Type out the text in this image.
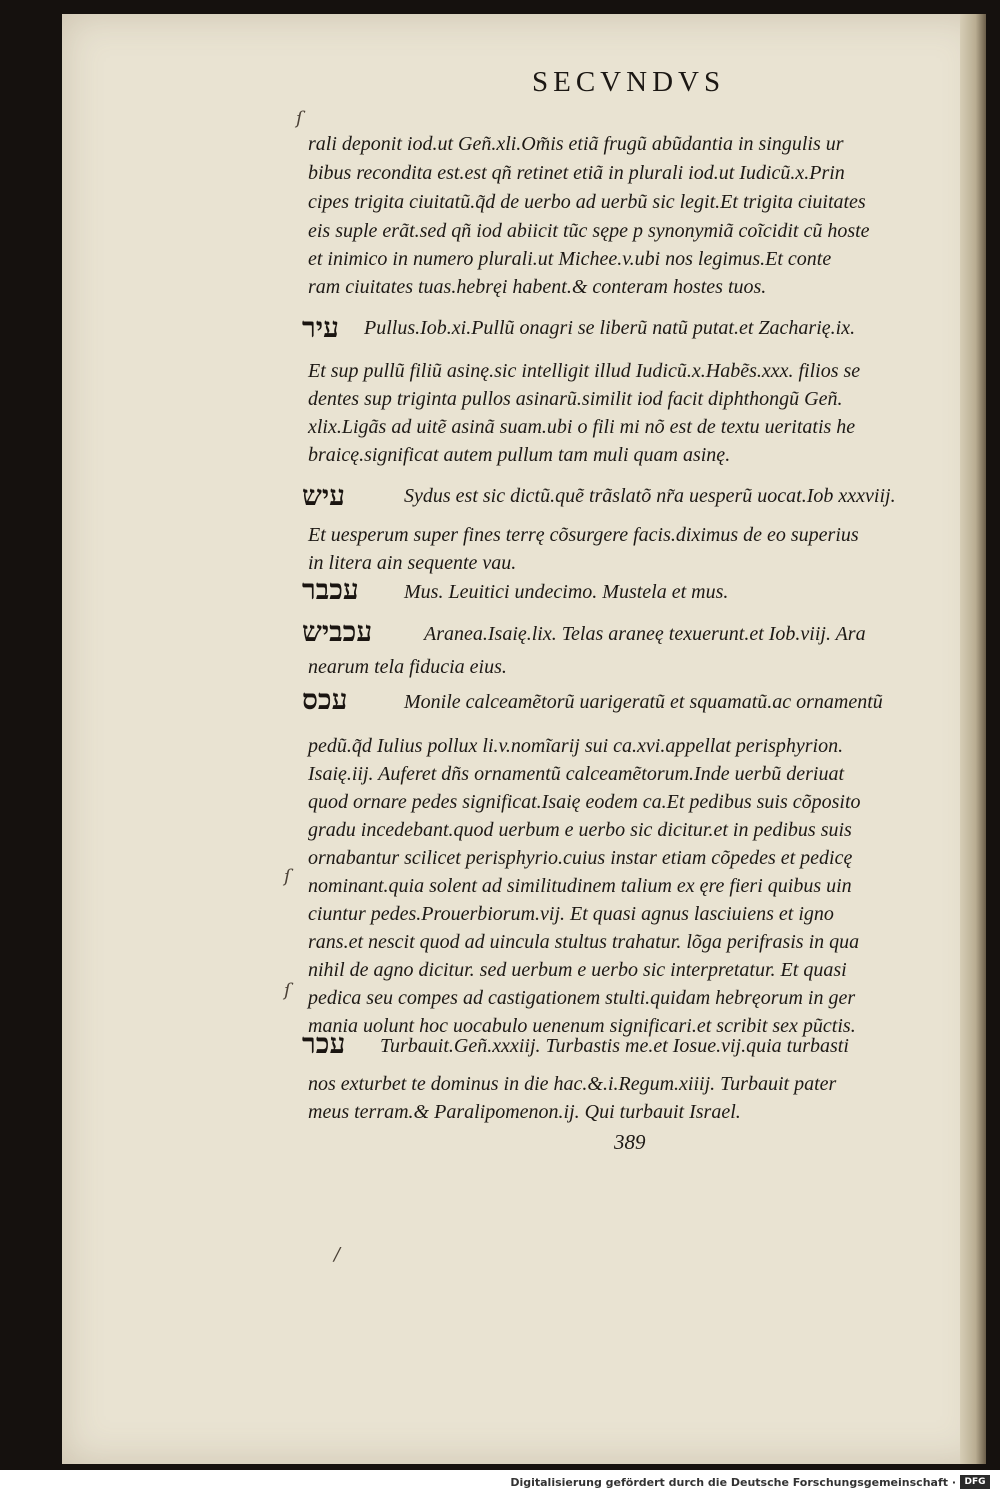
SECVNDVS
rali deponit iod.ut Geñ.xli.Om̃is etiã frugũ abũdantia in singulis ur
bibus recondita est.est qñ retinet etiã in plurali iod.ut Iudicũ.x.Prin
cipes trigita ciuitatũ.q̃d de uerbo ad uerbũ sic legit.Et trigita ciuitates
eis suple erãt.sed qñ iod abiicit tũc sępe p synonymiã coĩcidit cũ hoste
et inimico in numero plurali.ut Michee.v.ubi nos legimus.Et conte
ram ciuitates tuas.hebręi habent.& conteram hostes tuos.
עיר Pullus.Iob.xi.Pullũ onagri se liberũ natũ putat.et Zacharię.ix.
Et sup pullũ filiũ asinę.sic intelligit illud Iudicũ.x.Habẽs.xxx. filios se
dentes sup triginta pullos asinarũ.similit iod facit diphthongũ Geñ.
xlix.Ligãs ad uitẽ asinã suam.ubi o fili mi nõ est de textu ueritatis he
braicę.significat autem pullum tam muli quam asinę.
עיש	Sydus est sic dictũ.quẽ trãslatõ nr̃a uesperũ uocat.Iob xxxviij.
Et uesperum super fines terrę cõsurgere facis.diximus de eo superius
in litera ain sequente vau.
עכבר Mus. Leuitici undecimo. Mustela et mus.
עכביש	Aranea.Isaię.lix. Telas araneę texuerunt.et Iob.viij. Ara
nearum tela fiducia eius.
עכס	Monile calceamẽtorũ uarigeratũ et squamatũ.ac ornamentũ
pedũ.q̃d Iulius pollux li.v.nomĩarij sui ca.xvi.appellat perisphyrion.
Isaię.iij. Auferet dñs ornamentũ calceamẽtorum.Inde uerbũ deriuat
quod ornare pedes significat.Isaię eodem ca.Et pedibus suis cõposito
gradu incedebant.quod uerbum e uerbo sic dicitur.et in pedibus suis
ornabantur scilicet perisphyrio.cuius instar etiam cõpedes et pedicę
nominant.quia solent ad similitudinem talium ex ęre fieri quibus uin
ciuntur pedes.Prouerbiorum.vij. Et quasi agnus lasciuiens et igno
rans.et nescit quod ad uincula stultus trahatur. lõga perifrasis in qua
nihil de agno dicitur. sed uerbum e uerbo sic interpretatur. Et quasi
pedica seu compes ad castigationem stulti.quidam hebręorum in ger
mania uolunt hoc uocabulo uenenum significari.et scribit sex pũctis.
עכר Turbauit.Geñ.xxxiij. Turbastis me.et Iosue.vij.quia turbasti
nos exturbet te dominus in die hac.&.i.Regum.xiiij. Turbauit pater
meus terram.& Paralipomenon.ij. Qui turbauit Israel.
389
ſ
ſ
ſ
/
Digitalisierung gefördert durch die Deutsche Forschungsgemeinschaft · DFG
